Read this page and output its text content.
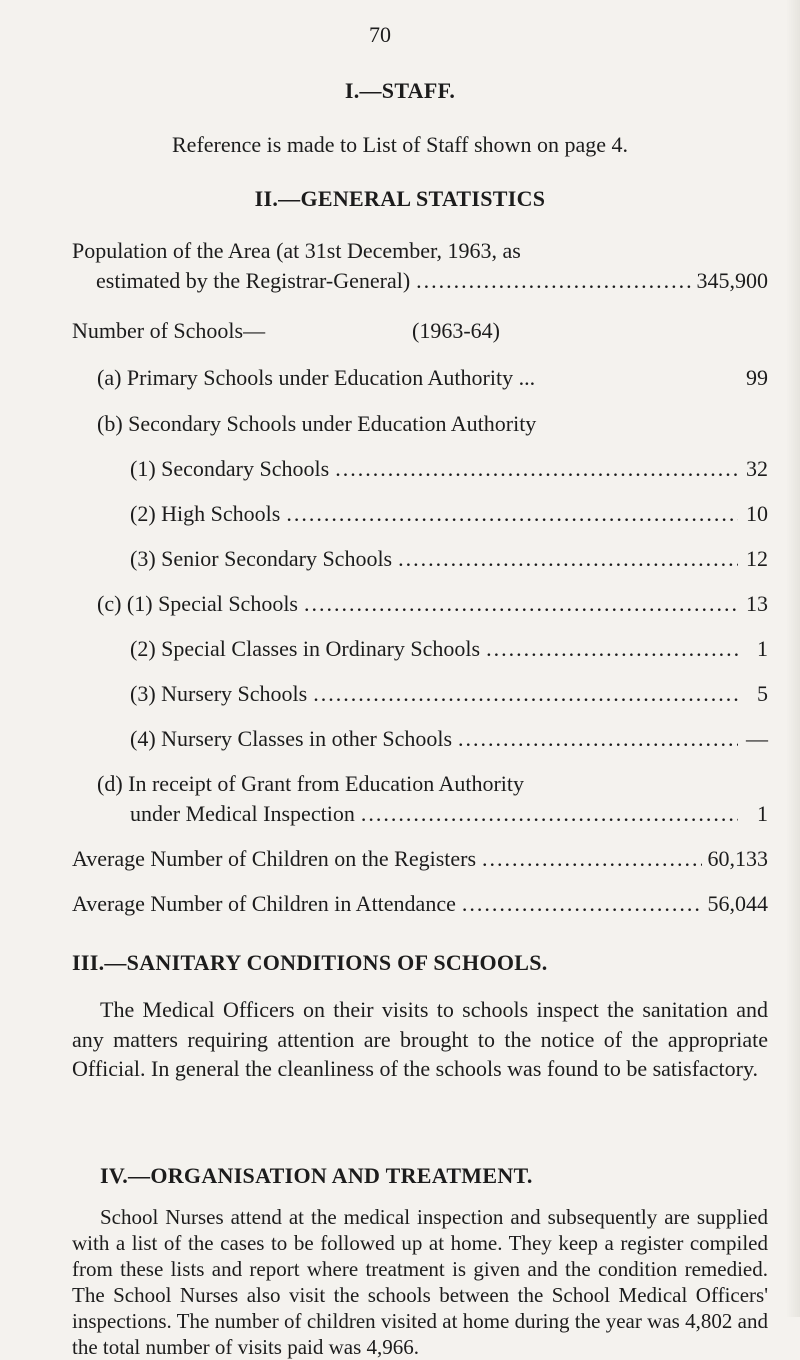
70
I.—STAFF.
Reference is made to List of Staff shown on page 4.
II.—GENERAL STATISTICS
Population of the Area (at 31st December, 1963, as
estimated by the Registrar-General) .....	345,900
Number of Schools—	(1963-64)
(a) Primary Schools under Education Authority ...	99
(b) Secondary Schools under Education Authority
(1) Secondary Schools .....	32
(2) High Schools .....	10
(3) Senior Secondary Schools .....	12
(c) (1) Special Schools .....	13
(2) Special Classes in Ordinary Schools .....	1
(3) Nursery Schools .....	5
(4) Nursery Classes in other Schools .....	—
(d) In receipt of Grant from Education Authority
under Medical Inspection .....	1
Average Number of Children on the Registers .....	60,133
Average Number of Children in Attendance .....	56,044
III.—SANITARY CONDITIONS OF SCHOOLS.
The Medical Officers on their visits to schools inspect the sanitation and any matters requiring attention are brought to the notice of the appropriate Official. In general the cleanliness of the schools was found to be satisfactory.
IV.—ORGANISATION AND TREATMENT.
School Nurses attend at the medical inspection and subsequently are supplied with a list of the cases to be followed up at home. They keep a register compiled from these lists and report where treatment is given and the condition remedied. The School Nurses also visit the schools between the School Medical Officers' inspections. The number of children visited at home during the year was 4,802 and the total number of visits paid was 4,966.
